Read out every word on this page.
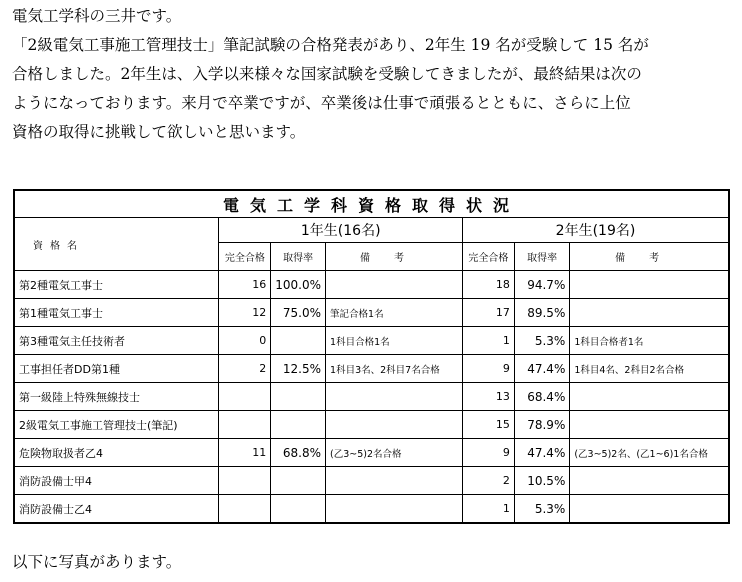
電気工学科の三井です。

「2級電気工事施工管理技士」筆記試験の合格発表があり、2年生 19 名が受験して 15 名が

合格しました。2年生は、入学以来様々な国家試験を受験してきましたが、最終結果は次の

ようになっております。来月で卒業ですが、卒業後は仕事で頑張るとともに、さらに上位

資格の取得に挑戦して欲しいと思います。

電気工学科資格取得状況						
資格名	1年生(16名)			2年生(19名)		
	完全合格	取得率	備考	完全合格	取得率	備考
第2種電気工事士	16	100.0%		18	94.7%	
第1種電気工事士	12	75.0%	筆記合格1名	17	89.5%	
第3種電気主任技術者	0		1科目合格1名	1	5.3%	1科目合格者1名
工事担任者DD第1種	2	12.5%	1科目3名、2科目7名合格	9	47.4%	1科目4名、2科目2名合格
第一級陸上特殊無線技士				13	68.4%	
2級電気工事施工管理技士(筆記)				15	78.9%	
危険物取扱者乙4	11	68.8%	(乙3~5)2名合格	9	47.4%	(乙3~5)2名、(乙1~6)1名合格
消防設備士甲4				2	10.5%	
消防設備士乙4				1	5.3%	
以下に写真があります。
